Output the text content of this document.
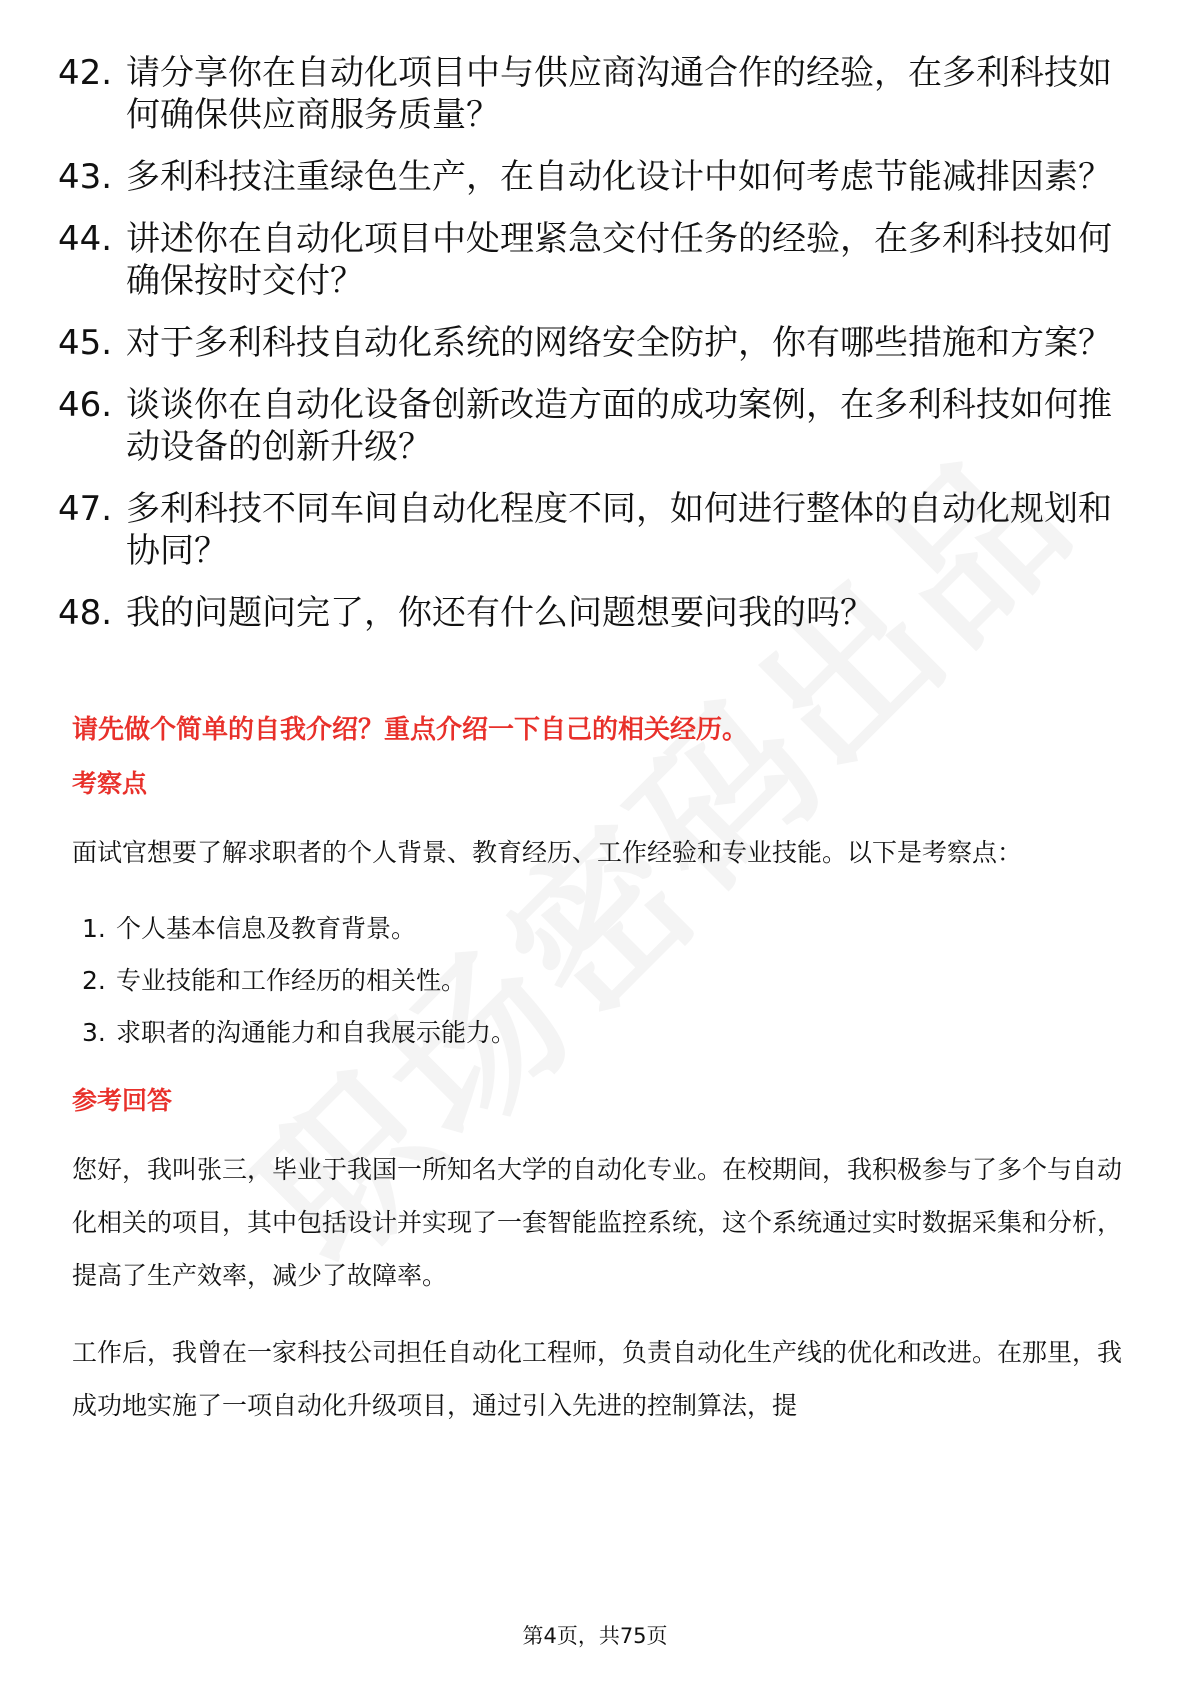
42. 请分享你在自动化项目中与供应商沟通合作的经验，在多利科技如何确保供应商服务质量？
43. 多利科技注重绿色生产，在自动化设计中如何考虑节能减排因素？
44. 讲述你在自动化项目中处理紧急交付任务的经验，在多利科技如何确保按时交付？
45. 对于多利科技自动化系统的网络安全防护，你有哪些措施和方案？
46. 谈谈你在自动化设备创新改造方面的成功案例，在多利科技如何推动设备的创新升级？
47. 多利科技不同车间自动化程度不同，如何进行整体的自动化规划和协同？
48. 我的问题问完了，你还有什么问题想要问我的吗？
请先做个简单的自我介绍？重点介绍一下自己的相关经历。
考察点
面试官想要了解求职者的个人背景、教育经历、工作经验和专业技能。以下是考察点：
1. 个人基本信息及教育背景。
2. 专业技能和工作经历的相关性。
3. 求职者的沟通能力和自我展示能力。
参考回答
您好，我叫张三，毕业于我国一所知名大学的自动化专业。在校期间，我积极参与了多个与自动化相关的项目，其中包括设计并实现了一套智能监控系统，这个系统通过实时数据采集和分析，提高了生产效率，减少了故障率。
工作后，我曾在一家科技公司担任自动化工程师，负责自动化生产线的优化和改进。在那里，我成功地实施了一项自动化升级项目，通过引入先进的控制算法，提
第4页，共75页
